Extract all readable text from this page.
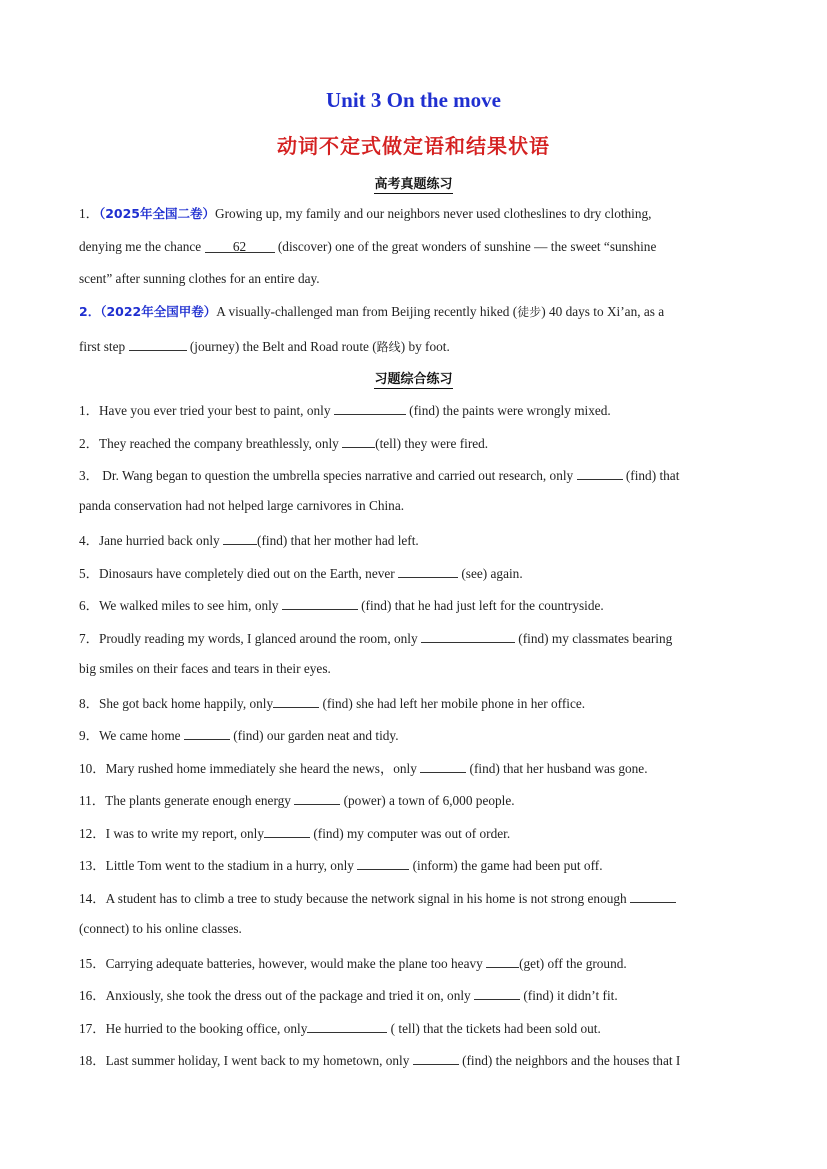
Unit 3 On the move
动词不定式做定语和结果状语
高考真题练习
1．（2025年全国二卷）Growing up, my family and our neighbors never used clotheslines to dry clothing,
denying me the chance 62 (discover) one of the great wonders of sunshine — the sweet “sunshine
scent” after sunning clothes for an entire day.
2．（2022年全国甲卷）A visually-challenged man from Beijing recently hiked (徒步) 40 days to Xi’an, as a
first step	(journey) the Belt and Road route (路线) by foot.
习题综合练习
1．Have you ever tried your best to paint, only	(find) the paints were wrongly mixed.
2．They reached the company breathlessly, only	(tell) they were fired.
3． Dr. Wang began to question the umbrella species narrative and carried out research, only	(find) that
panda conservation had not helped large carnivores in China.
4．Jane hurried back only	(find) that her mother had left.
5．Dinosaurs have completely died out on the Earth, never	(see) again.
6．We walked miles to see him, only	(find) that he had just left for the countryside.
7．Proudly reading my words, I glanced around the room, only	(find) my classmates bearing
big smiles on their faces and tears in their eyes.
8．She got back home happily, only	(find) she had left her mobile phone in her office.
9．We came home	(find) our garden neat and tidy.
10．Mary rushed home immediately she heard the news，only	(find) that her husband was gone.
11．The plants generate enough energy	(power) a town of 6,000 people.
12．I was to write my report, only	(find) my computer was out of order.
13．Little Tom went to the stadium in a hurry, only	(inform) the game had been put off.
14．A student has to climb a tree to study because the network signal in his home is not strong enough
(connect) to his online classes.
15．Carrying adequate batteries, however, would make the plane too heavy	(get) off the ground.
16．Anxiously, she took the dress out of the package and tried it on, only	(find) it didn’t fit.
17．He hurried to the booking office, only	( tell) that the tickets had been sold out.
18．Last summer holiday, I went back to my hometown, only	(find) the neighbors and the houses that I
